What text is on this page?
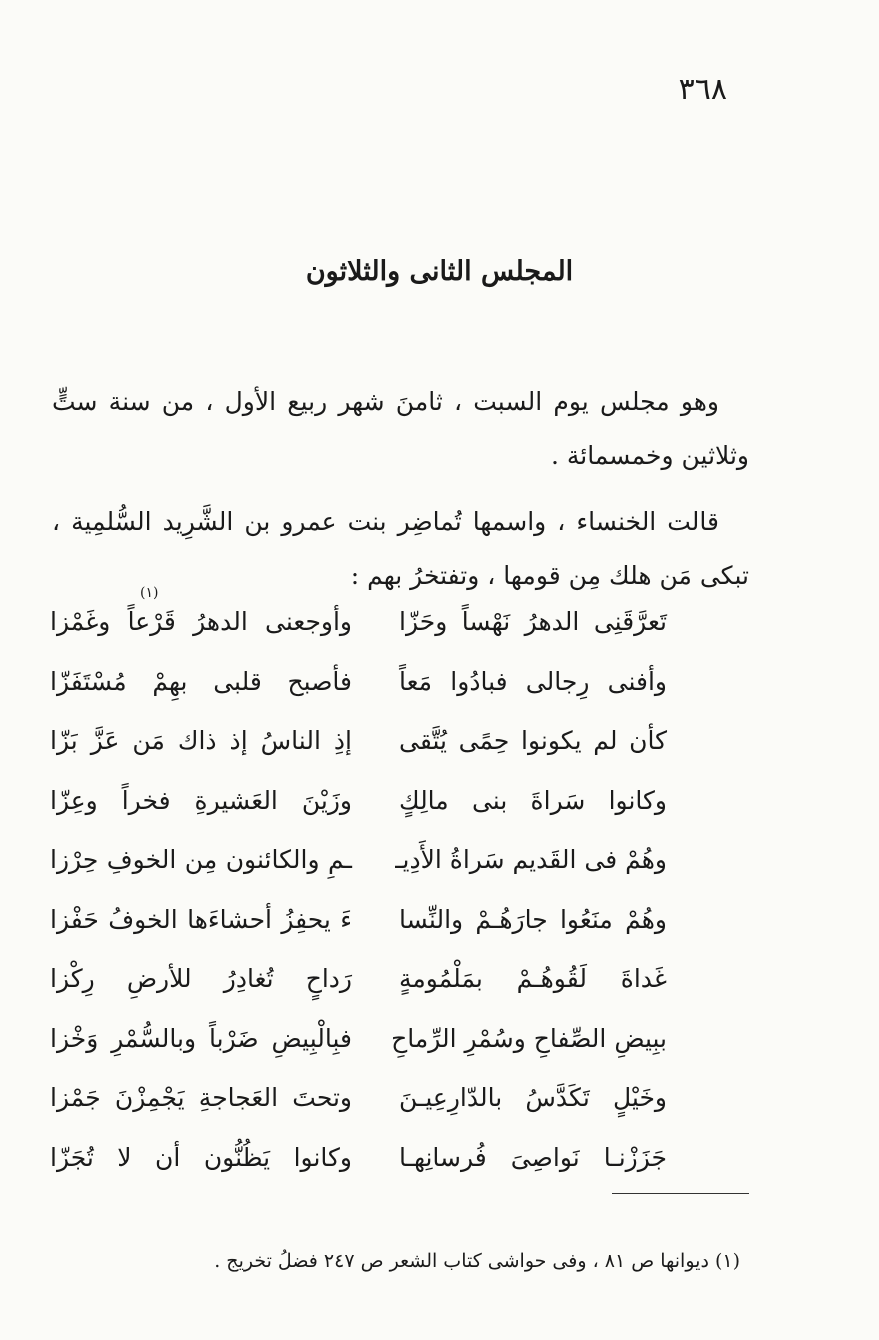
٣٦٨
المجلس الثانى والثلاثون

وهو مجلس يوم السبت ، ثامنَ شهر ربيع الأول ، من سنة ستٍّ وثلاثين وخمسمائة .

قالت الخنساء ، واسمها تُماضِر بنت عمرو بن الشَّرِيد السُّلمِية ، تبكى مَن هلك مِن قومها ، وتفتخرُ بهم :

تَعرَّقَنِى الدهرُ نَهْساً وحَزّا
وأوجعنى الدهرُ قَرْعاً وغَمْزا
(١)
وأفنى رِجالى فبادُوا مَعاً
فأصبح قلبى بهِمْ مُسْتَفَزّا
كأن لم يكونوا حِمًى يُتَّقى
إذِ الناسُ إذ ذاك مَن عَزَّ بَزّا
وكانوا سَراةَ بنى مالِكٍ
وزَيْنَ العَشيرةِ فخراً وعِزّا
وهُمْ فى القَديم سَراةُ الأَدِيـ
ـمِ والكائنون مِن الخوفِ حِرْزا
وهُمْ منَعُوا جارَهُـمْ والنِّسا
ءَ يحفِزُ أحشاءَها الخوفُ حَفْزا
غَداةَ لَقُوهُـمْ بمَلْمُومةٍ
رَداحٍ تُغادِرُ للأرضِ رِكْزا
ببِيضِ الصِّفاحِ وسُمْرِ الرِّماحِ
فبِالْبِيضِ ضَرْباً وبالسُّمْرِ وَخْزا
وخَيْلٍ تَكَدَّسُ بالدّارِعِيـنَ
وتحتَ العَجاجةِ يَجْمِزْنَ جَمْزا
جَزَزْنـا نَواصِىَ فُرسانِهـا
وكانوا يَظُنُّون أن لا تُجَزّا

(١) ديوانها ص ٨١ ، وفى حواشى كتاب الشعر ص ٢٤٧ فضلُ تخريج .
